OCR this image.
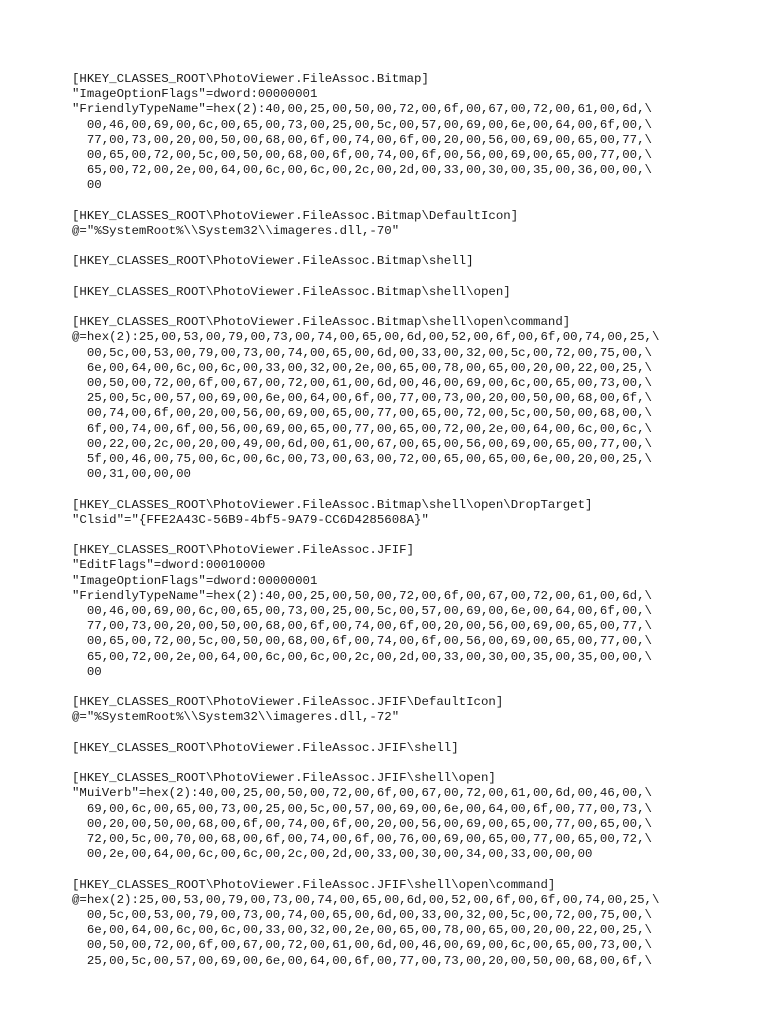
[HKEY_CLASSES_ROOT\PhotoViewer.FileAssoc.Bitmap]
"ImageOptionFlags"=dword:00000001
"FriendlyTypeName"=hex(2):40,00,25,00,50,00,72,00,6f,00,67,00,72,00,61,00,6d,\
00,46,00,69,00,6c,00,65,00,73,00,25,00,5c,00,57,00,69,00,6e,00,64,00,6f,00,\
77,00,73,00,20,00,50,00,68,00,6f,00,74,00,6f,00,20,00,56,00,69,00,65,00,77,\
00,65,00,72,00,5c,00,50,00,68,00,6f,00,74,00,6f,00,56,00,69,00,65,00,77,00,\
65,00,72,00,2e,00,64,00,6c,00,6c,00,2c,00,2d,00,33,00,30,00,35,00,36,00,00,\
00
[HKEY_CLASSES_ROOT\PhotoViewer.FileAssoc.Bitmap\DefaultIcon]
@="%SystemRoot%\\System32\\imageres.dll,-70"
[HKEY_CLASSES_ROOT\PhotoViewer.FileAssoc.Bitmap\shell]
[HKEY_CLASSES_ROOT\PhotoViewer.FileAssoc.Bitmap\shell\open]
[HKEY_CLASSES_ROOT\PhotoViewer.FileAssoc.Bitmap\shell\open\command]
@=hex(2):25,00,53,00,79,00,73,00,74,00,65,00,6d,00,52,00,6f,00,6f,00,74,00,25,\
00,5c,00,53,00,79,00,73,00,74,00,65,00,6d,00,33,00,32,00,5c,00,72,00,75,00,\
6e,00,64,00,6c,00,6c,00,33,00,32,00,2e,00,65,00,78,00,65,00,20,00,22,00,25,\
00,50,00,72,00,6f,00,67,00,72,00,61,00,6d,00,46,00,69,00,6c,00,65,00,73,00,\
25,00,5c,00,57,00,69,00,6e,00,64,00,6f,00,77,00,73,00,20,00,50,00,68,00,6f,\
00,74,00,6f,00,20,00,56,00,69,00,65,00,77,00,65,00,72,00,5c,00,50,00,68,00,\
6f,00,74,00,6f,00,56,00,69,00,65,00,77,00,65,00,72,00,2e,00,64,00,6c,00,6c,\
00,22,00,2c,00,20,00,49,00,6d,00,61,00,67,00,65,00,56,00,69,00,65,00,77,00,\
5f,00,46,00,75,00,6c,00,6c,00,73,00,63,00,72,00,65,00,65,00,6e,00,20,00,25,\
00,31,00,00,00
[HKEY_CLASSES_ROOT\PhotoViewer.FileAssoc.Bitmap\shell\open\DropTarget]
"Clsid"="{FFE2A43C-56B9-4bf5-9A79-CC6D4285608A}"
[HKEY_CLASSES_ROOT\PhotoViewer.FileAssoc.JFIF]
"EditFlags"=dword:00010000
"ImageOptionFlags"=dword:00000001
"FriendlyTypeName"=hex(2):40,00,25,00,50,00,72,00,6f,00,67,00,72,00,61,00,6d,\
00,46,00,69,00,6c,00,65,00,73,00,25,00,5c,00,57,00,69,00,6e,00,64,00,6f,00,\
77,00,73,00,20,00,50,00,68,00,6f,00,74,00,6f,00,20,00,56,00,69,00,65,00,77,\
00,65,00,72,00,5c,00,50,00,68,00,6f,00,74,00,6f,00,56,00,69,00,65,00,77,00,\
65,00,72,00,2e,00,64,00,6c,00,6c,00,2c,00,2d,00,33,00,30,00,35,00,35,00,00,\
00
[HKEY_CLASSES_ROOT\PhotoViewer.FileAssoc.JFIF\DefaultIcon]
@="%SystemRoot%\\System32\\imageres.dll,-72"
[HKEY_CLASSES_ROOT\PhotoViewer.FileAssoc.JFIF\shell]
[HKEY_CLASSES_ROOT\PhotoViewer.FileAssoc.JFIF\shell\open]
"MuiVerb"=hex(2):40,00,25,00,50,00,72,00,6f,00,67,00,72,00,61,00,6d,00,46,00,\
69,00,6c,00,65,00,73,00,25,00,5c,00,57,00,69,00,6e,00,64,00,6f,00,77,00,73,\
00,20,00,50,00,68,00,6f,00,74,00,6f,00,20,00,56,00,69,00,65,00,77,00,65,00,\
72,00,5c,00,70,00,68,00,6f,00,74,00,6f,00,76,00,69,00,65,00,77,00,65,00,72,\
00,2e,00,64,00,6c,00,6c,00,2c,00,2d,00,33,00,30,00,34,00,33,00,00,00
[HKEY_CLASSES_ROOT\PhotoViewer.FileAssoc.JFIF\shell\open\command]
@=hex(2):25,00,53,00,79,00,73,00,74,00,65,00,6d,00,52,00,6f,00,6f,00,74,00,25,\
00,5c,00,53,00,79,00,73,00,74,00,65,00,6d,00,33,00,32,00,5c,00,72,00,75,00,\
6e,00,64,00,6c,00,6c,00,33,00,32,00,2e,00,65,00,78,00,65,00,20,00,22,00,25,\
00,50,00,72,00,6f,00,67,00,72,00,61,00,6d,00,46,00,69,00,6c,00,65,00,73,00,\
25,00,5c,00,57,00,69,00,6e,00,64,00,6f,00,77,00,73,00,20,00,50,00,68,00,6f,\
